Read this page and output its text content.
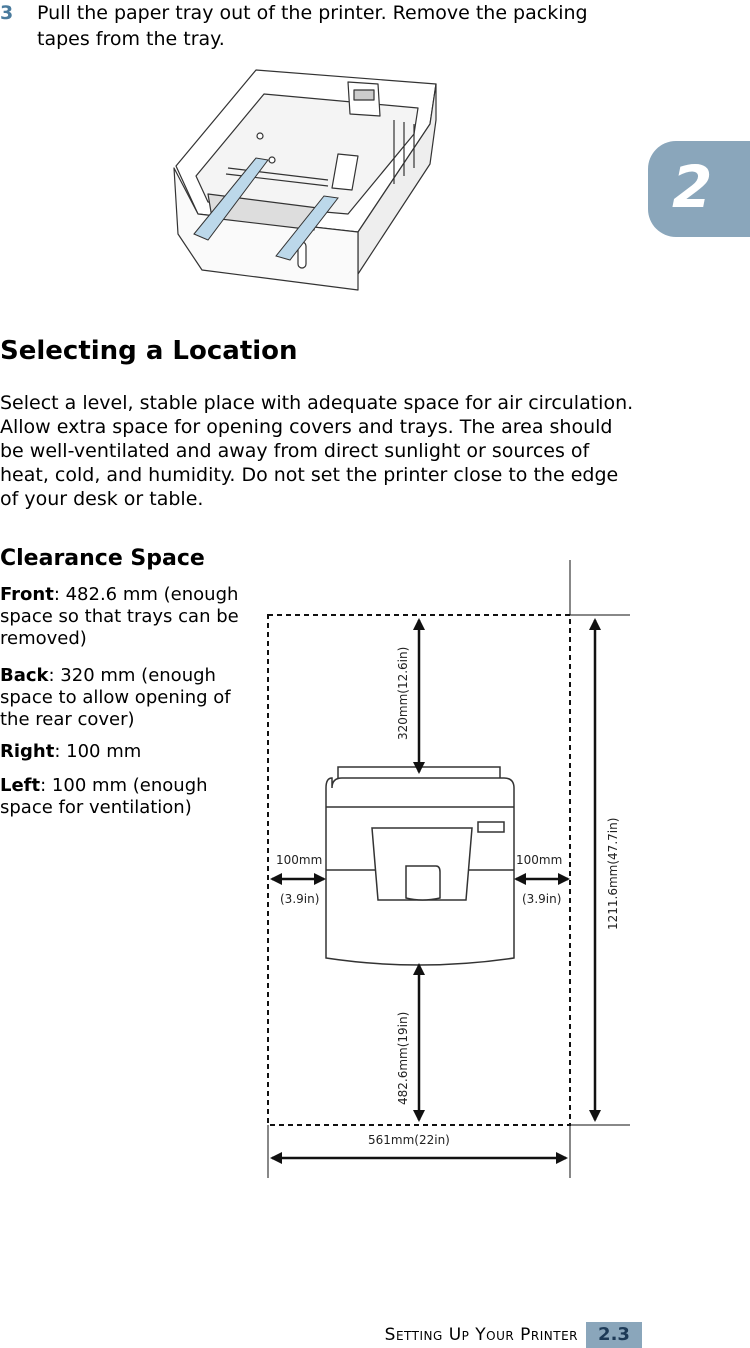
3 Pull the paper tray out of the printer. Remove the packing tapes from the tray.
2
Selecting a Location

Select a level, stable place with adequate space for air circulation. Allow extra space for opening covers and trays. The area should be well-ventilated and away from direct sunlight or sources of heat, cold, and humidity. Do not set the printer close to the edge of your desk or table.

Clearance Space
Front: 482.6 mm (enough space so that trays can be removed)
Back: 320 mm (enough space to allow opening of the rear cover)
Right: 100 mm
Left: 100 mm (enough space for ventilation)
320mm(12.6in)
482.6mm(19in)
100mm
(3.9in)
100mm
(3.9in)	1211.6mm(47.7in)
561mm(22in)
Setting Up Your Printer	2.3
